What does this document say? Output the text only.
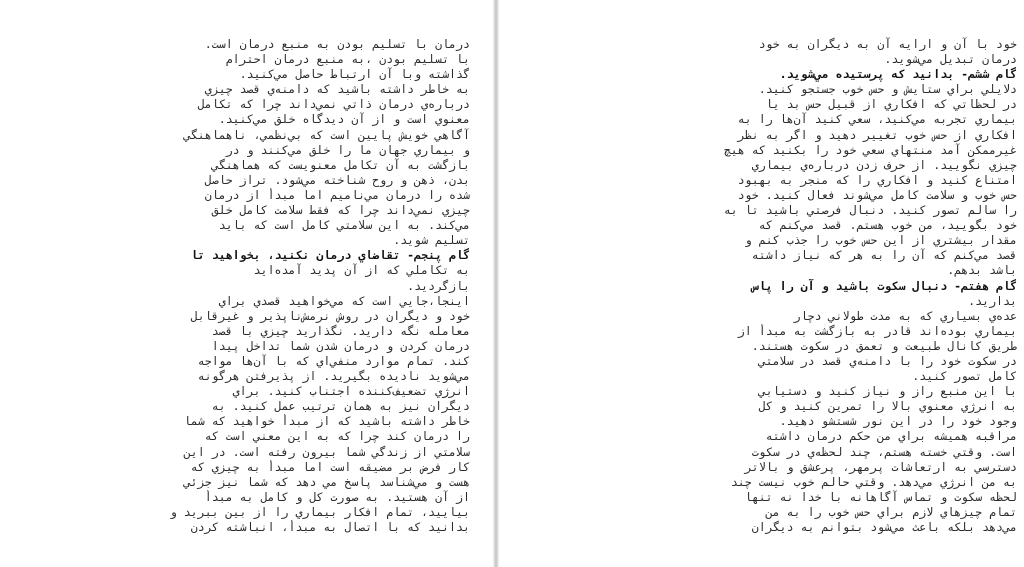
درمان با تسليم بودن به منبع درمان است.
با تسليم بودن ،به منبع درمان احترام
گذاشته وبا آن ارتباط حاصل مي‌كنيد.
به خاطر داشته باشيد كه دامنه‌ي قصد چيزي
درباره‌ي درمان ذاتي نمي‌داند چرا كه تكامل
معنوي است و از آن ديدگاه خلق مي‌كنيد.
آگاهي خويش پايين است كه بي‌نظمي، ناهماهنگي
و بيماري جهان ما را خلق مي‌كنند و در
بازگشت به آن تكامل معنويست كه هماهنگي
بدن، ذهن و روح شناخته مي‌شود. تراز حاصل
شده را درمان مي‌ناميم اما مبدأ از درمان
چيزي نمي‌داند چرا كه فقط سلامت كامل خلق
مي‌كند. به اين سلامتي كامل است كه بايد
تسليم شويد.
گام پنجم- تقاضاي درمان نكنيد، بخواهيد تا
به تكاملي كه از آن پديد آمده‌ايد
بازگرديد.
اينجا،جايي است كه مي‌خواهيد قصدي براي
خود و ديگران در روش نرمش‌ناپذير و غيرقابل
معامله نگه داريد. نگذاريد چيزي با قصد
درمان كردن و درمان شدن شما تداخل پيدا
كند. تمام موارد منفي‌اي كه با آن‌ها مواجه
مي‌شويد ناديده بگيريد. از پذيرفتن هرگونه
انرژي تضعيف‌كننده اجتناب كنيد. براي
ديگران نيز به همان ترتيب عمل كنيد. به
خاطر داشته باشيد كه از مبدأ خواهيد كه شما
را درمان كند چرا كه به اين معني است كه
سلامتي از زندگي شما بيرون رفته است. در اين
كار فرض بر مضيقه است اما مبدأ به چيزي كه
هست و مي‌شناسد پاسخ مي دهد كه شما نيز جزئي
از آن هستيد. به صورت كل و كامل به مبدأ
بياييد، تمام افكار بيماري را از بين ببريد و
بدانيد كه با اتصال به مبدأ، انباشته كردن
خود با آن و ارايه آن به ديگران به خود
درمان تبديل مي‌شويد.
گام ششم- بدانيد كه پرستيده مي‌شويد.
دلايلي براي ستايش و حس خوب جستجو كنيد.
در لحظاتي كه افكاري از قبيل حس بد يا
بيماري تجربه مي‌كنيد، سعي كنيد آن‌ها را به
افكاري از حس خوب تغيير دهيد و اگر به نظر
غيرممكن آمد منتهاي سعي خود را بكنيد كه هيچ
چيزي نگوييد. از حرف زدن درباره‌ي بيماري
امتناع كنيد و افكاري را كه منجر به بهبود
حس خوب و سلامت كامل مي‌شوند فعال كنيد. خود
را سالم تصور كنيد. دنبال فرصتي باشيد تا به
خود بگوييد، من خوب هستم. قصد مي‌كنم كه
مقدار بيشتري از اين حس خوب را جذب كنم و
قصد مي‌كنم كه آن را به هر كه نياز داشته
باشد بدهم.
گام هفتم- دنبال سكوت باشيد و آن را پاس
بداريد.
عده‌ي بسياري كه به مدت طولاني دچار
بيماري بوده‌اند قادر به بازگشت به مبدأ از
طريق كانال طبيعت و تعمق در سكوت هستند.
در سكوت خود را با دامنه‌ي قصد در سلامتي
كامل تصور كنيد.
با اين منبع راز و نياز كنيد و دستيابي
به انرژي معنوي بالا را تمرين كنيد و كل
وجود خود را در اين نور شستشو دهيد.
مراقبه هميشه براي من حكم درمان داشته
است. وقتي خسته هستم، چند لحظه‌ي در سكوت
دسترسي به ارتعاشات پرمهر، پرعشق و بالاتر
به من انرژي مي‌دهد. وقتي حالم خوب نيست چند
لحظه سكوت و تماس آگاهانه با خدا نه تنها
تمام چيزهاي لازم براي حس خوب را به من
مي‌دهد بلكه باعث مي‌شود بتوانم به ديگران
